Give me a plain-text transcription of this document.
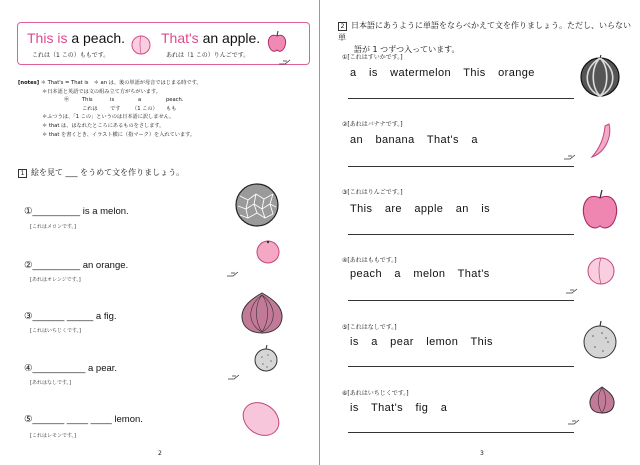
This is a peach.
これは（1 この）ももです。
That's an apple.
あれは（1 この）りんごです。
[notes] ＊ That's = That is　＊ an は、後の単語が母音ではじまる時です。
＊日本語と英語では文の組み立て方がちがいます。
㊥	This	is	a	peach.
これは	です	（1 この）	もも
＊ふつうは、「1 この」というのは日本語に訳しません。
＊ that は、はなれたところにあるものをさします。
＊ that を書くとき、イラスト横に（指マーク）を入れています。
1 絵を見て ___ をうめて文を作りましょう。
①_________ is a melon.
[これはメロンです。]
②_________ an orange.
[あれはオレンジです。]
③______ _____ a fig.
[これはいちじくです。]
④__________ a pear.
[あれはなしです。]
⑤______ ____ ____ lemon.
[これはレモンです。]
2
2 日本語にあうように単語をならべかえて文を作りましょう。ただし、いらない単
語が 1 つずつ入っています。
①[これはすいかです。]
a is watermelon This orange
②[あれはバナナです。]
an banana That's a
③[これはりんごです。]
This are apple an is
④[あれはももです。]
peach a melon That's
⑤[これはなしです。]
is a pear lemon This
⑥[あれはいちじくです。]
is That's fig a
3
